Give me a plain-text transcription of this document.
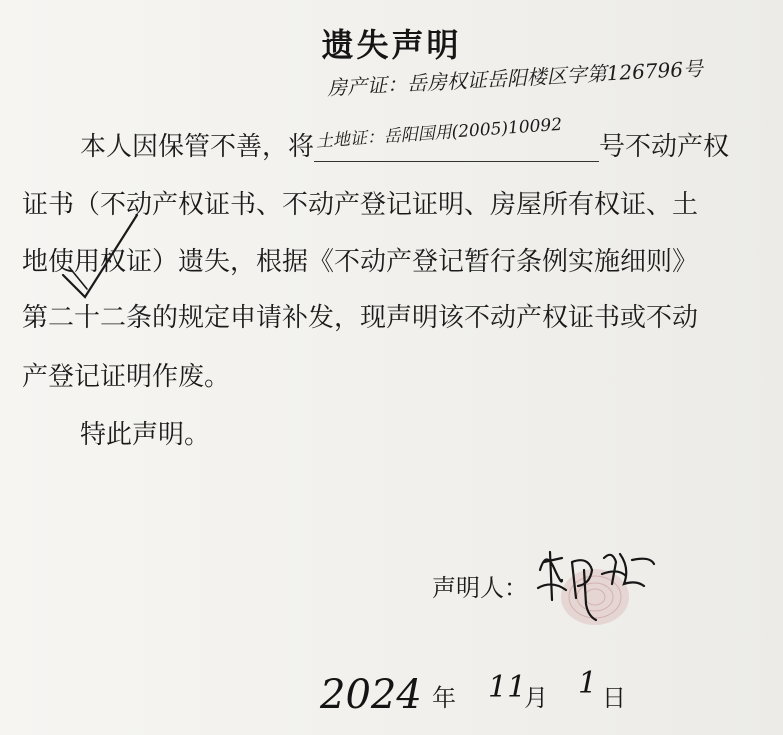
遗失声明
房产证：岳房权证岳阳楼区字第126796号
本人因保管不善，将 土地证：岳阳国用(2005)10092 号不动产权
证书（不动产权证书、不动产登记证明、房屋所有权证、土
地使用权证）遗失，根据《不动产登记暂行条例实施细则》
第二十二条的规定申请补发，现声明该不动产权证书或不动
产登记证明作废。
特此声明。
声明人：
2024 年 11
月 1 日
